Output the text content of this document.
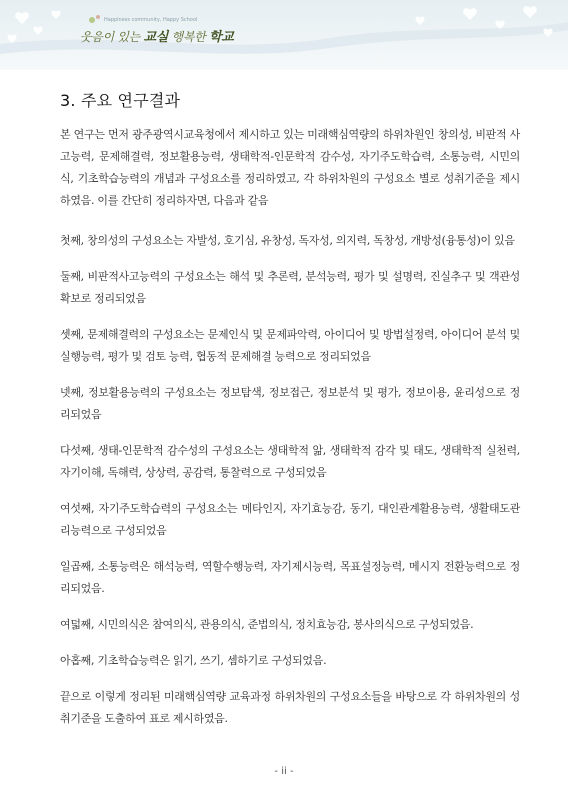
Happiness community, Happy School
웃음이 있는 교실 행복한 학교
3. 주요 연구결과

본 연구는 먼저 광주광역시교육청에서 제시하고 있는 미래핵심역량의 하위차원인 창의성, 비판적 사고능력, 문제해결력, 정보활용능력, 생태학적-인문학적 감수성, 자기주도학습력, 소통능력, 시민의식, 기초학습능력의 개념과 구성요소를 정리하였고, 각 하위차원의 구성요소 별로 성취기준을 제시하였음. 이를 간단히 정리하자면, 다음과 같음

첫째, 창의성의 구성요소는 자발성, 호기심, 유창성, 독자성, 의지력, 독창성, 개방성(융통성)이 있음

둘째, 비판적사고능력의 구성요소는 해석 및 추론력, 분석능력, 평가 및 설명력, 진실추구 및 객관성 확보로 정리되었음

셋째, 문제해결력의 구성요소는 문제인식 및 문제파악력, 아이디어 및 방법설정력, 아이디어 분석 및 실행능력, 평가 및 검토 능력, 협동적 문제해결 능력으로 정리되었음

넷째, 정보활용능력의 구성요소는 정보탐색, 정보접근, 정보분석 및 평가, 정보이용, 윤리성으로 정리되었음

다섯째, 생태-인문학적 감수성의 구성요소는 생태학적 앎, 생태학적 감각 및 태도, 생태학적 실천력, 자기이해, 독해력, 상상력, 공감력, 통찰력으로 구성되었음

여섯째, 자기주도학습력의 구성요소는 메타인지, 자기효능감, 동기, 대인관계활용능력, 생활태도관리능력으로 구성되었음

일곱째, 소통능력은 해석능력, 역할수행능력, 자기제시능력, 목표설정능력, 메시지 전환능력으로 정리되었음.

여덟째, 시민의식은 참여의식, 관용의식, 준법의식, 정치효능감, 봉사의식으로 구성되었음.

아홉째, 기초학습능력은 읽기, 쓰기, 셈하기로 구성되었음.

끝으로 이렇게 정리된 미래핵심역량 교육과정 하위차원의 구성요소들을 바탕으로 각 하위차원의 성취기준을 도출하여 표로 제시하였음.

- ii -
